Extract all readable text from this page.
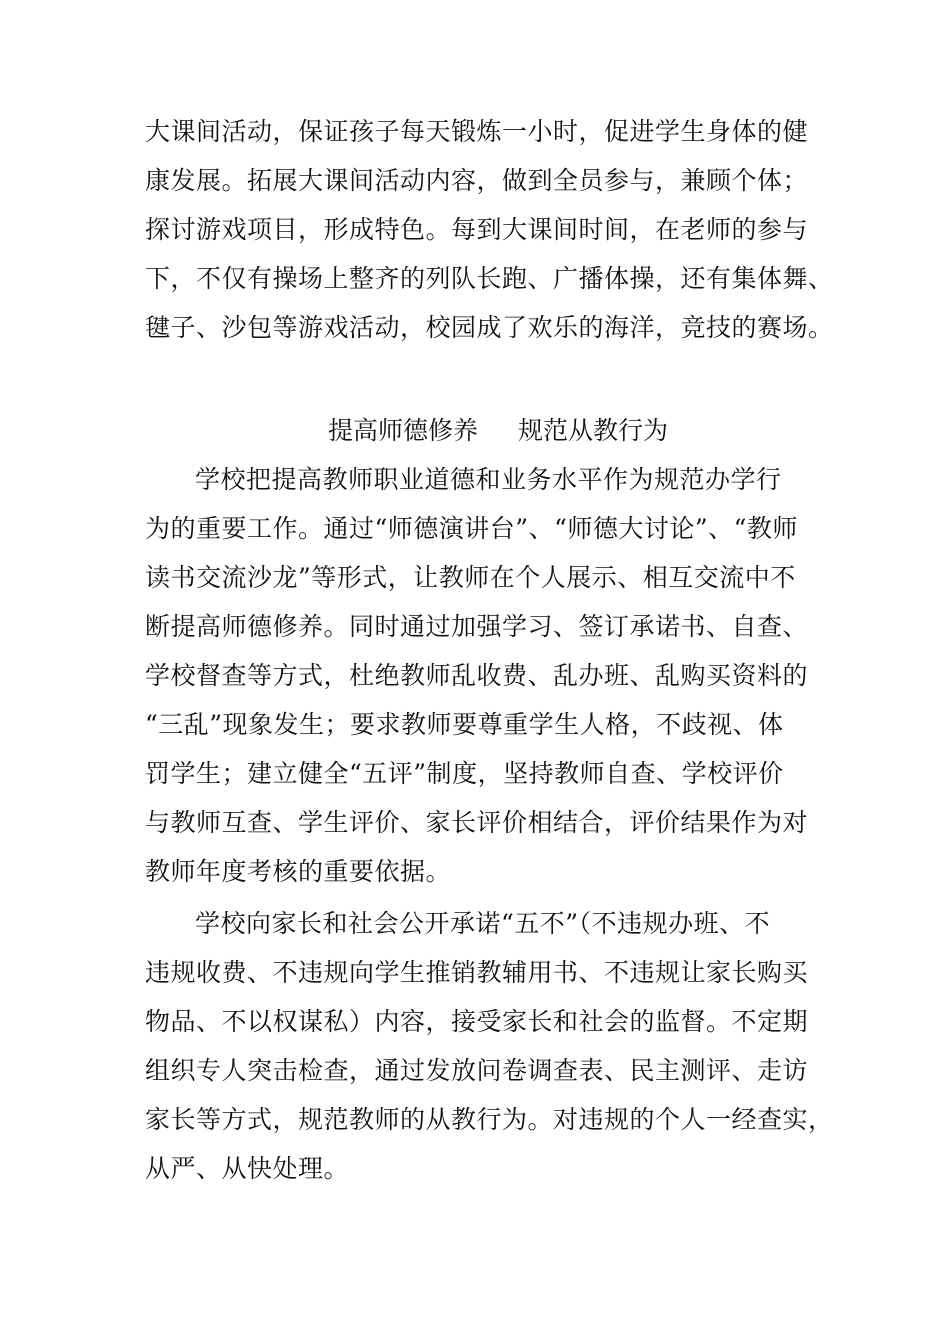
大课间活动，保证孩子每天锻炼一小时，促进学生身体的健
康发展。拓展大课间活动内容，做到全员参与，兼顾个体；
探讨游戏项目，形成特色。每到大课间时间，在老师的参与
下，不仅有操场上整齐的列队长跑、广播体操，还有集体舞、
毽子、沙包等游戏活动，校园成了欢乐的海洋，竞技的赛场。
提高师德修养 规范从教行为
学校把提高教师职业道德和业务水平作为规范办学行
为的重要工作。通过“师德演讲台”、“师德大讨论”、“教师
读书交流沙龙”等形式，让教师在个人展示、相互交流中不
断提高师德修养。同时通过加强学习、签订承诺书、自查、
学校督查等方式，杜绝教师乱收费、乱办班、乱购买资料的
“三乱”现象发生；要求教师要尊重学生人格，不歧视、体
罚学生；建立健全“五评”制度，坚持教师自查、学校评价
与教师互查、学生评价、家长评价相结合，评价结果作为对
教师年度考核的重要依据。
学校向家长和社会公开承诺“五不”（不违规办班、不
违规收费、不违规向学生推销教辅用书、不违规让家长购买
物品、不以权谋私）内容，接受家长和社会的监督。不定期
组织专人突击检查，通过发放问卷调查表、民主测评、走访
家长等方式，规范教师的从教行为。对违规的个人一经查实，
从严、从快处理。
